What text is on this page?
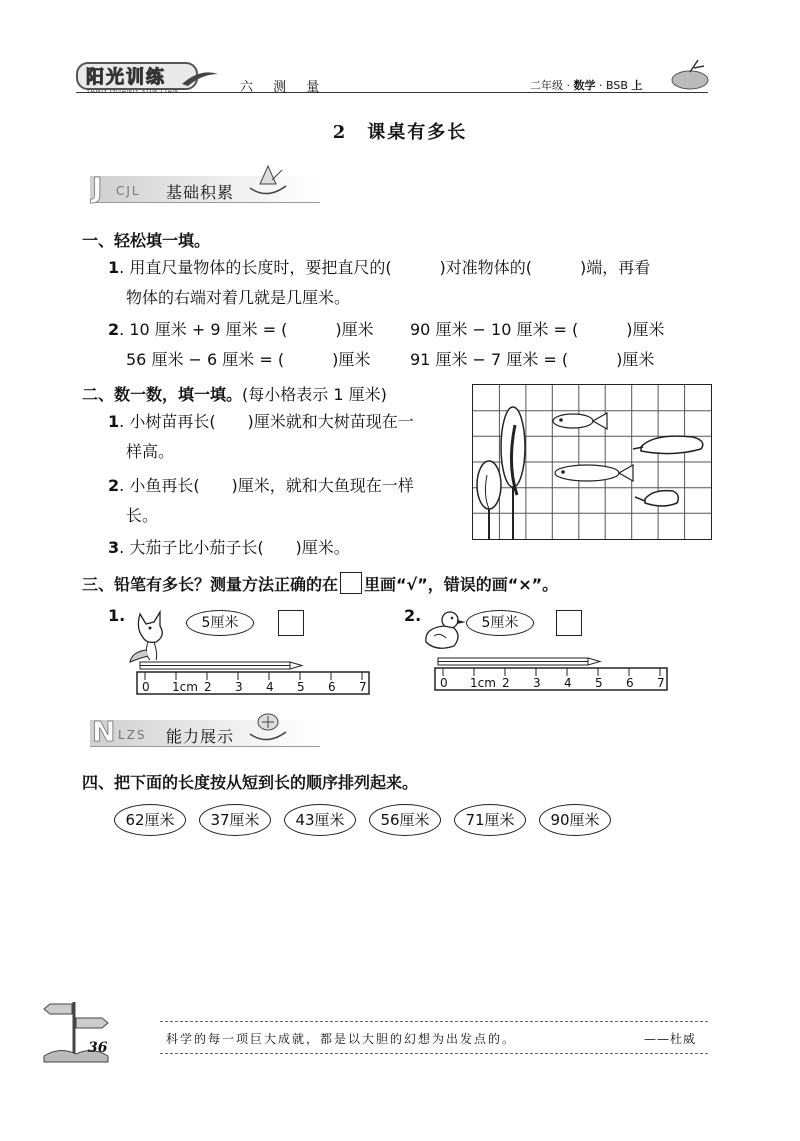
阳光训练
YANG GUANG XUN LIAN	六 测 量	二年级 · 数学 · BSB 上
2　课桌有多长
J CJL 基础积累
一、轻松填一填。
1. 用直尺量物体的长度时，要把直尺的(　　　)对准物体的(　　　)端，再看
物体的右端对着几就是几厘米。
2. 10 厘米 + 9 厘米 = (　　　)厘米 90 厘米 − 10 厘米 = (　　　)厘米
56 厘米 − 6 厘米 = (　　　)厘米 91 厘米 − 7 厘米 = (　　　)厘米
二、数一数，填一填。(每小格表示 1 厘米)
1. 小树苗再长(　　)厘米就和大树苗现在一
样高。
2. 小鱼再长(　　)厘米，就和大鱼现在一样
长。
3. 大茄子比小茄子长(　　)厘米。
三、铅笔有多长？测量方法正确的在 里画“√”，错误的画“×”。
1.	5厘米
0 1cm 2 3 4 5 6 7
2.	5厘米
0 1cm 2 3 4 5 6 7
N LZS 能力展示
四、把下面的长度按从短到长的顺序排列起来。
62厘米	37厘米	43厘米	56厘米	71厘米	90厘米
36
科学的每一项巨大成就，都是以大胆的幻想为出发点的。	——杜威
